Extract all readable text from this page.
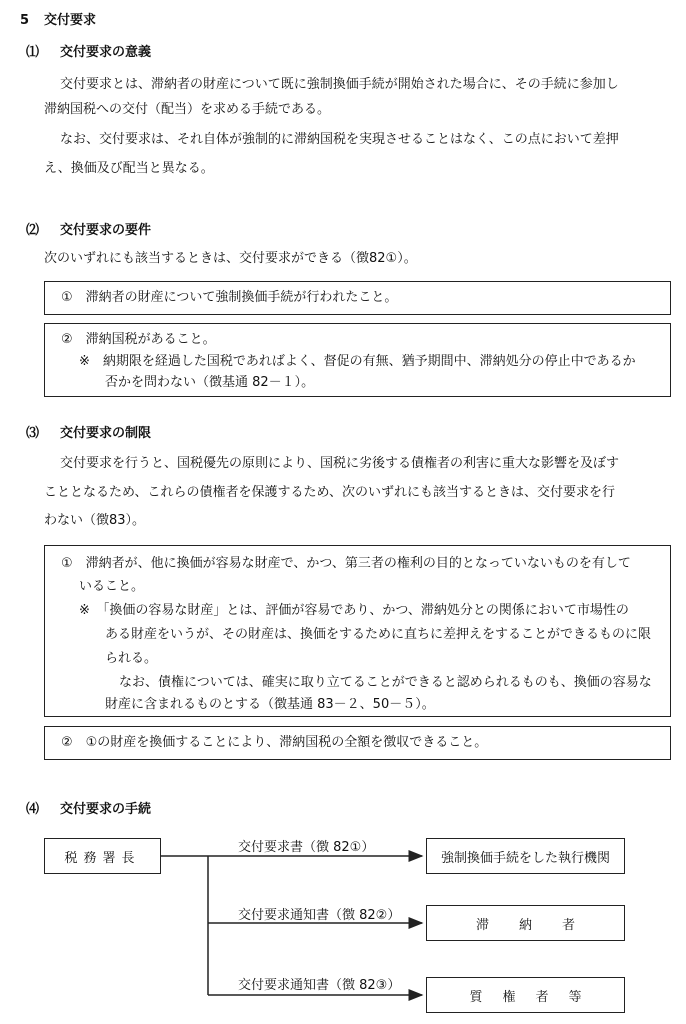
5 交付要求
⑴ 交付要求の意義
交付要求とは、滞納者の財産について既に強制換価手続が開始された場合に、その手続に参加し
滞納国税への交付（配当）を求める手続である。
なお、交付要求は、それ自体が強制的に滞納国税を実現させることはなく、この点において差押
え、換価及び配当と異なる。
⑵ 交付要求の要件
次のいずれにも該当するときは、交付要求ができる（徴82①）。
①　滞納者の財産について強制換価手続が行われたこと。
②　滞納国税があること。
※　納期限を経過した国税であればよく、督促の有無、猶予期間中、滞納処分の停止中であるか
否かを問わない（徴基通 82－１）。
⑶ 交付要求の制限
交付要求を行うと、国税優先の原則により、国税に劣後する債権者の利害に重大な影響を及ぼす
こととなるため、これらの債権者を保護するため、次のいずれにも該当するときは、交付要求を行
わない（徴83）。
①　滞納者が、他に換価が容易な財産で、かつ、第三者の権利の目的となっていないものを有して
いること。
※　「換価の容易な財産」とは、評価が容易であり、かつ、滞納処分との関係において市場性の
ある財産をいうが、その財産は、換価をするために直ちに差押えをすることができるものに限
られる。
なお、債権については、確実に取り立てることができると認められるものも、換価の容易な
財産に含まれるものとする（徴基通 83－２、50－５）。
②　①の財産を換価することにより、滞納国税の全額を徴収できること。
⑷ 交付要求の手続
税務署長
交付要求書（徴 82①）
交付要求通知書（徴 82②）
交付要求通知書（徴 82③）
強制換価手続をした執行機関
滞納者
質権者等
